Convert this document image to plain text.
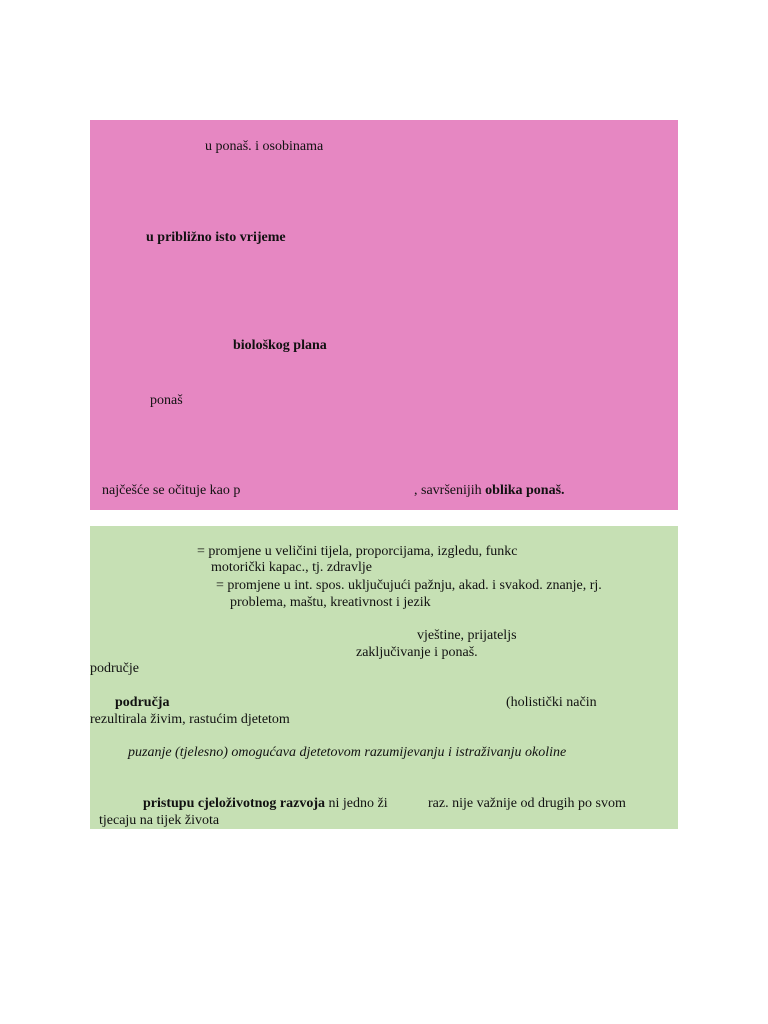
u ponaš. i osobinama
u približno isto vrijeme
biološkog plana
ponaš
najčešće se očituje kao p	, savršenijih oblika ponaš.
= promjene u veličini tijela, proporcijama, izgledu, funkc
motorički kapac., tj. zdravlje
= promjene u int. spos. uključujući pažnju, akad. i svakod. znanje, rj.
problema, maštu, kreativnost i jezik
vještine, prijateljs
zaključivanje i ponaš.
područje
područja	(holistički način
rezultirala živim, rastućim djetetom
puzanje (tjelesno) omogućava djetetovom razumijevanju i istraživanju okoline
pristupu cjeloživotnog razvoja ni jedno ži	raz. nije važnije od drugih po svom
tjecaju na tijek života
